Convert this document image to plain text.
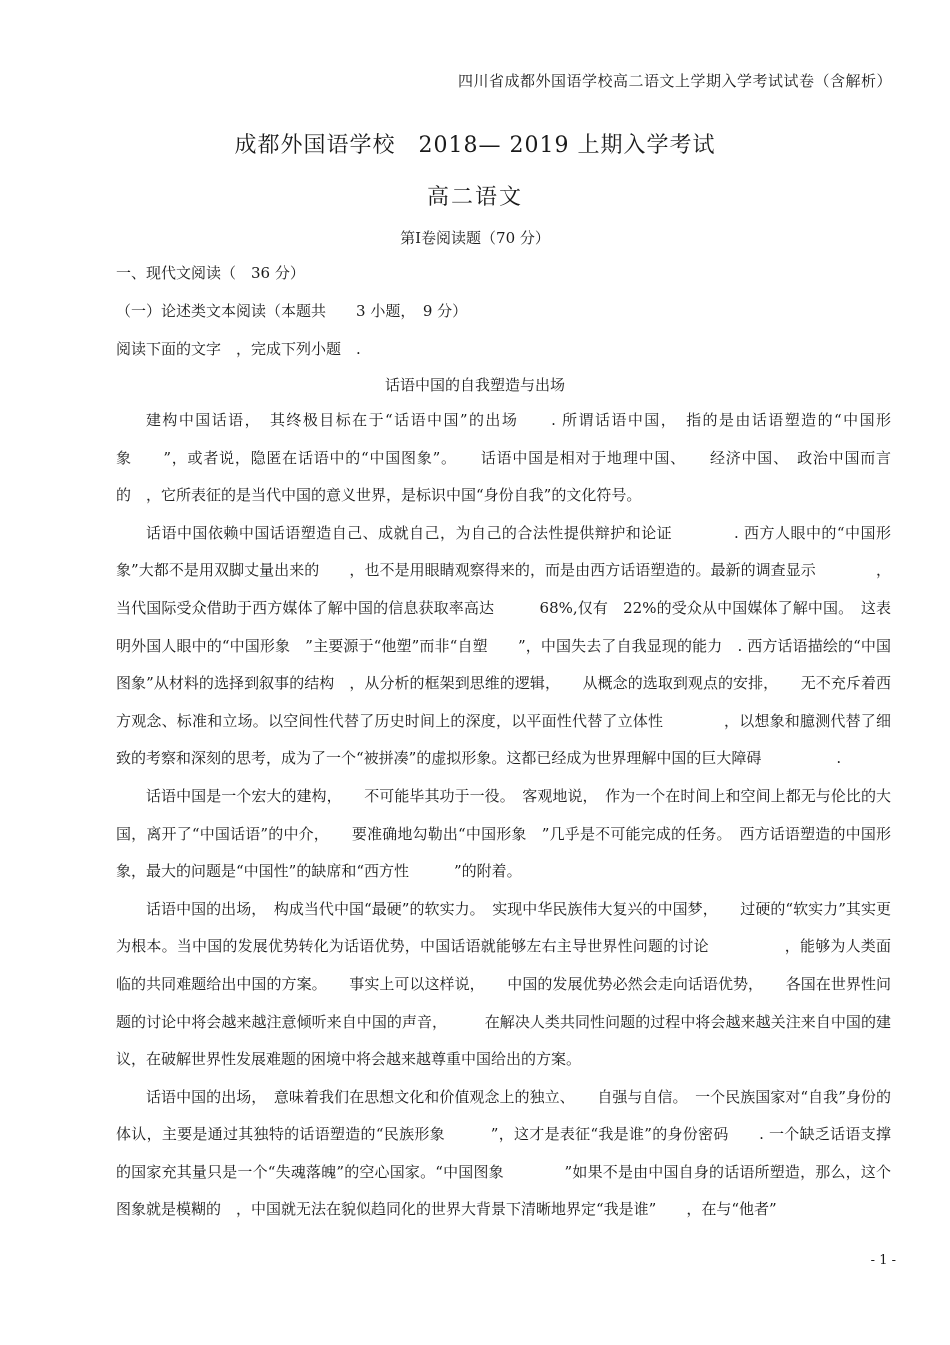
四川省成都外国语学校高二语文上学期入学考试试卷（含解析）
成都外国语学校　2018— 2019 上期入学考试
高二语文
第Ⅰ卷阅读题（70 分）
一、现代文阅读（　36 分）
（一）论述类文本阅读（本题共　　3 小题，　9 分）
阅读下面的文字　，完成下列小题　.
话语中国的自我塑造与出场

建构中国话语，　其终极目标在于“话语中国”的出场　　. 所谓话语中国，　指的是由话语塑造的“中国形象　　”，或者说，隐匿在话语中的“中国图象”。　　话语中国是相对于地理中国、　　经济中国、　政治中国而言的　，它所表征的是当代中国的意义世界，是标识中国“身份自我”的文化符号。

话语中国依赖中国话语塑造自己、成就自己，为自己的合法性提供辩护和论证　　　　. 西方人眼中的“中国形象”大都不是用双脚丈量出来的　　，也不是用眼睛观察得来的，而是由西方话语塑造的。最新的调查显示　　　　，当代国际受众借助于西方媒体了解中国的信息获取率高达　　　68%,仅有　22%的受众从中国媒体了解中国。　这表明外国人眼中的“中国形象　”主要源于“他塑”而非“自塑　　”，中国失去了自我显现的能力　. 西方话语描绘的“中国图象”从材料的选择到叙事的结构　，从分析的框架到思维的逻辑，　　从概念的选取到观点的安排，　　无不充斥着西方观念、标准和立场。以空间性代替了历史时间上的深度，以平面性代替了立体性　　　　，以想象和臆测代替了细致的考察和深刻的思考，成为了一个“被拼凑”的虚拟形象。这都已经成为世界理解中国的巨大障碍　　　　　.

话语中国是一个宏大的建构，　　不可能毕其功于一役。　客观地说，　作为一个在时间上和空间上都无与伦比的大国，离开了“中国话语”的中介，　　要准确地勾勒出“中国形象　”几乎是不可能完成的任务。　西方话语塑造的中国形象，最大的问题是“中国性”的缺席和“西方性　　　”的附着。

话语中国的出场，　构成当代中国“最硬”的软实力。　实现中华民族伟大复兴的中国梦，　　过硬的“软实力”其实更为根本。当中国的发展优势转化为话语优势，中国话语就能够左右主导世界性问题的讨论　　　　　，能够为人类面临的共同难题给出中国的方案。　　事实上可以这样说，　　中国的发展优势必然会走向话语优势，　　各国在世界性问题的讨论中将会越来越注意倾听来自中国的声音，　　　在解决人类共同性问题的过程中将会越来越关注来自中国的建议，在破解世界性发展难题的困境中将会越来越尊重中国给出的方案。

话语中国的出场，　意味着我们在思想文化和价值观念上的独立、　　自强与自信。　一个民族国家对“自我”身份的体认，主要是通过其独特的话语塑造的“民族形象　　　”，这才是表征“我是谁”的身份密码　　. 一个缺乏话语支撑的国家充其量只是一个“失魂落魄”的空心国家。“中国图象　　　　”如果不是由中国自身的话语所塑造，那么，这个图象就是模糊的　，中国就无法在貌似趋同化的世界大背景下清晰地界定“我是谁”　　，在与“他者”

- 1 -
